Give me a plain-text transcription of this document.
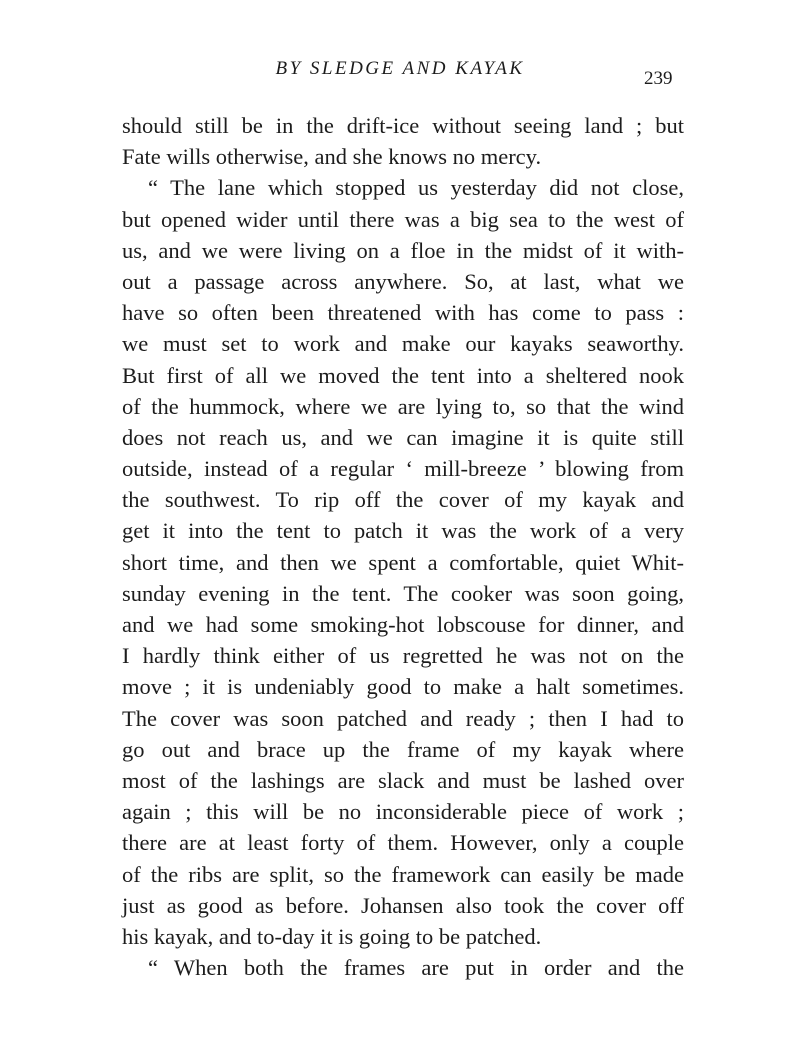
BY SLEDGE AND KAYAK	239
should still be in the drift-ice without seeing land ; but
Fate wills otherwise, and she knows no mercy.
“ The lane which stopped us yesterday did not close,
but opened wider until there was a big sea to the west of
us, and we were living on a floe in the midst of it with-
out a passage across anywhere. So, at last, what we
have so often been threatened with has come to pass :
we must set to work and make our kayaks seaworthy.
But first of all we moved the tent into a sheltered nook
of the hummock, where we are lying to, so that the wind
does not reach us, and we can imagine it is quite still
outside, instead of a regular ‘ mill-breeze ’ blowing from
the southwest. To rip off the cover of my kayak and
get it into the tent to patch it was the work of a very
short time, and then we spent a comfortable, quiet Whit-
sunday evening in the tent. The cooker was soon going,
and we had some smoking-hot lobscouse for dinner, and
I hardly think either of us regretted he was not on the
move ; it is undeniably good to make a halt sometimes.
The cover was soon patched and ready ; then I had to
go out and brace up the frame of my kayak where
most of the lashings are slack and must be lashed over
again ; this will be no inconsiderable piece of work ;
there are at least forty of them. However, only a couple
of the ribs are split, so the framework can easily be made
just as good as before. Johansen also took the cover off
his kayak, and to-day it is going to be patched.
“ When both the frames are put in order and the
